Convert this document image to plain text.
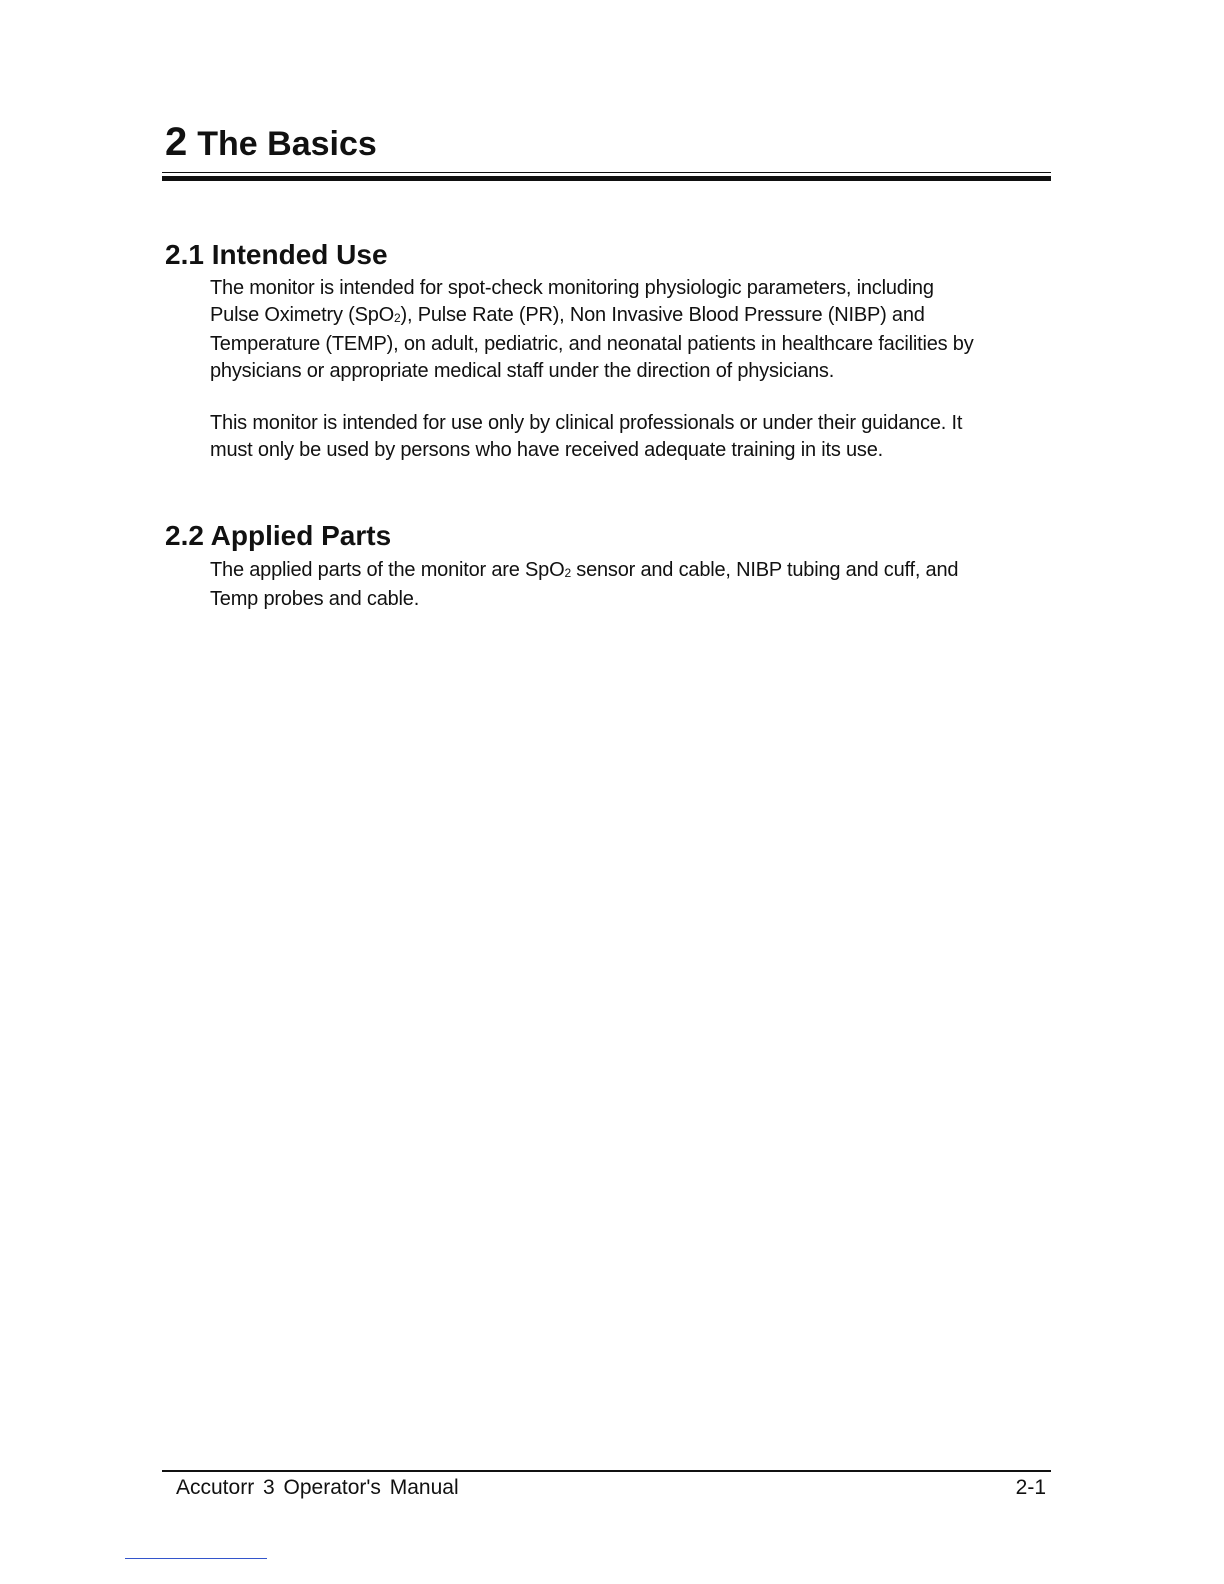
2 The Basics
2.1 Intended Use

The monitor is intended for spot-check monitoring physiologic parameters, including
Pulse Oximetry (SpO$_2$), Pulse Rate (PR), Non Invasive Blood Pressure (NIBP) and
Temperature (TEMP), on adult, pediatric, and neonatal patients in healthcare facilities by
physicians or appropriate medical staff under the direction of physicians.

This monitor is intended for use only by clinical professionals or under their guidance. It
must only be used by persons who have received adequate training in its use.

2.2 Applied Parts

The applied parts of the monitor are SpO$_2$ sensor and cable, NIBP tubing and cuff, and
Temp probes and cable.

Accutorr 3 Operator's Manual	2-1
